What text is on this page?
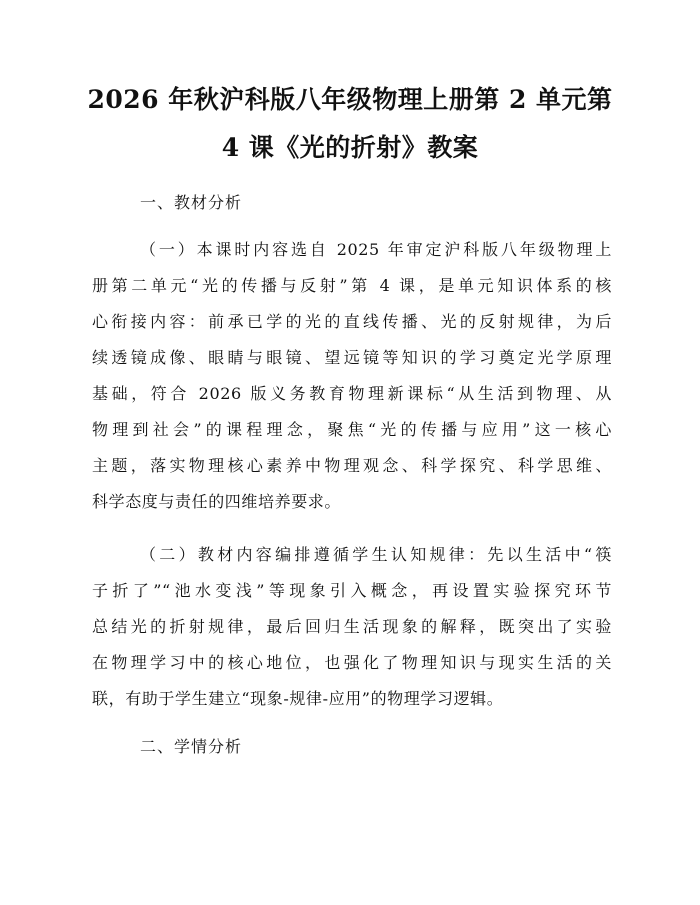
2026 年秋沪科版八年级物理上册第 2 单元第
4 课《光的折射》教案
一、教材分析
（一）本课时内容选自 2025 年审定沪科版八年级物理上
册第二单元“光的传播与反射”第 4 课，是单元知识体系的核
心衔接内容：前承已学的光的直线传播、光的反射规律，为后
续透镜成像、眼睛与眼镜、望远镜等知识的学习奠定光学原理
基础，符合 2026 版义务教育物理新课标“从生活到物理、从
物理到社会”的课程理念，聚焦“光的传播与应用”这一核心
主题，落实物理核心素养中物理观念、科学探究、科学思维、
科学态度与责任的四维培养要求。
（二）教材内容编排遵循学生认知规律：先以生活中“筷
子折了”“池水变浅”等现象引入概念，再设置实验探究环节
总结光的折射规律，最后回归生活现象的解释，既突出了实验
在物理学习中的核心地位，也强化了物理知识与现实生活的关
联，有助于学生建立“现象-规律-应用”的物理学习逻辑。
二、学情分析
